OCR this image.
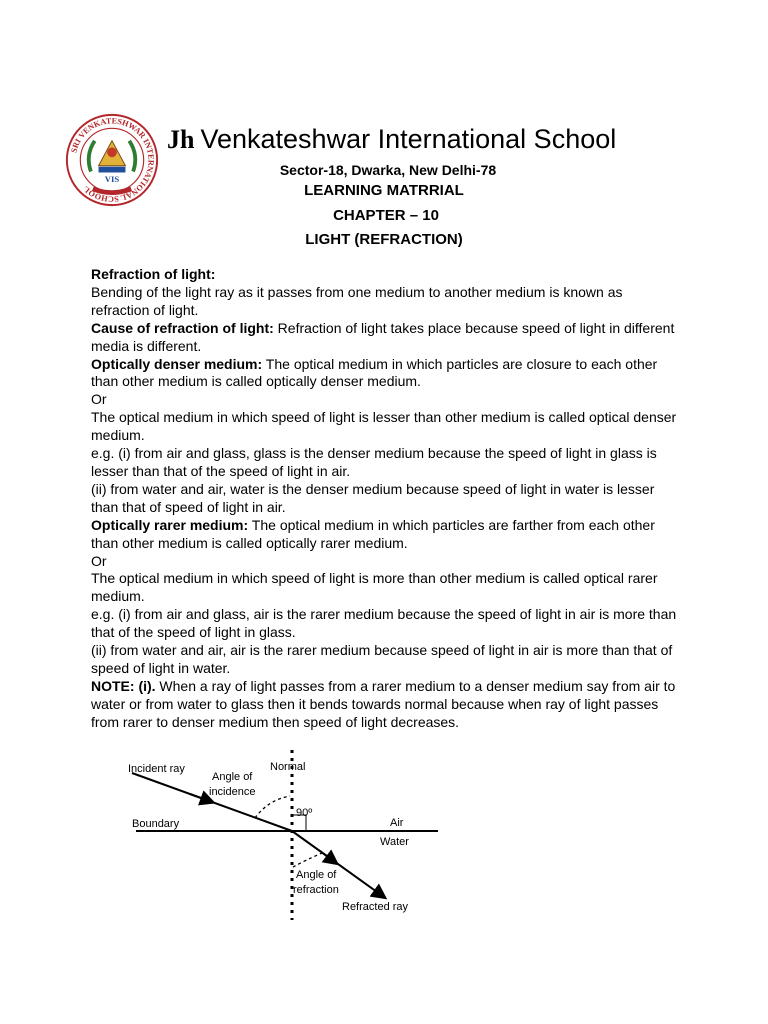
SRI VENKATESHWAR INTERNATIONAL SCHOOL
VIS
Jh Venkateshwar International School
Sector-18, Dwarka, New Delhi-78
LEARNING MATRRIAL
CHAPTER – 10
LIGHT (REFRACTION)

Refraction of light:

Bending of the light ray as it passes from one medium to another medium is known as refraction of light.

Cause of refraction of light: Refraction of light takes place because speed of light in different media is different.

Optically denser medium: The optical medium in which particles are closure to each other than other medium is called optically denser medium.

Or

The optical medium in which speed of light is lesser than other medium is called optical denser medium.

e.g. (i) from air and glass, glass is the denser medium because the speed of light in glass is lesser than that of the speed of light in air.

(ii) from water and air, water is the denser medium because speed of light in water is lesser than that of speed of light in air.

Optically rarer medium: The optical medium in which particles are farther from each other than other medium is called optically rarer medium.

Or

The optical medium in which speed of light is more than other medium is called optical rarer medium.

e.g. (i) from air and glass, air is the rarer medium because the speed of light in air is more than that of the speed of light in glass.

(ii) from water and air, air is the rarer medium because speed of light in air is more than that of speed of light in water.

NOTE: (i). When a ray of light passes from a rarer medium to a denser medium say from air to water or from water to glass then it bends towards normal because when ray of light passes from rarer to denser medium then speed of light decreases.

Incident ray	Normal
Angle of
incidence
90º
Boundary	Air
Water
Angle of
refraction
Refracted ray
